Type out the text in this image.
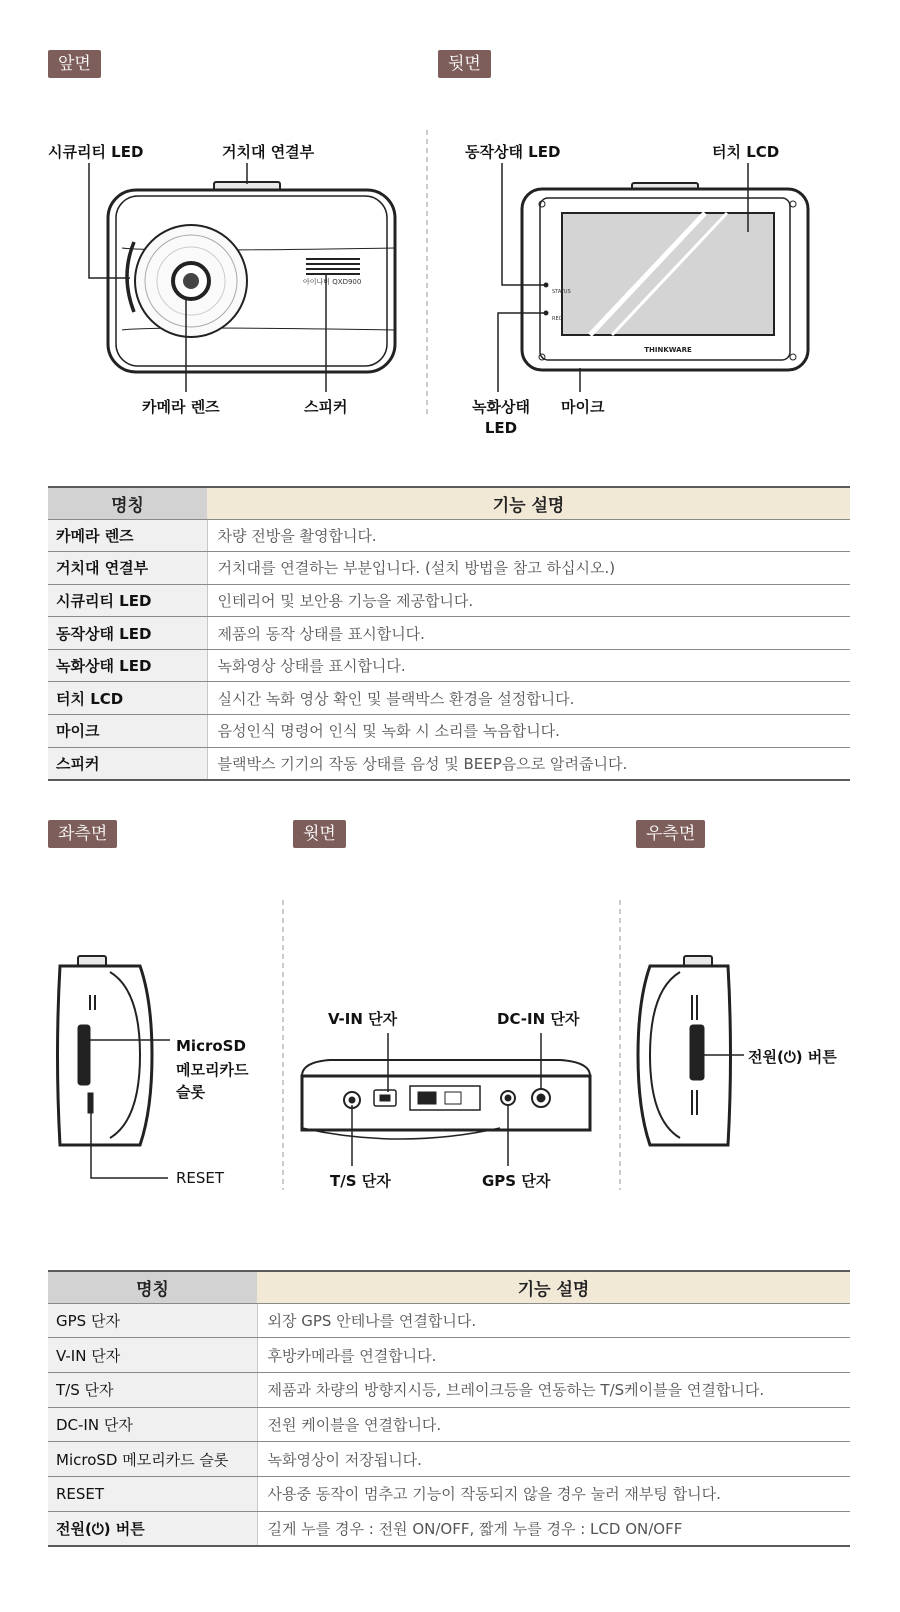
앞면	뒷면
좌측면	윗면	우측면
아이나비 QXD900
STATUS
REC
THINKWARE
시큐리티 LED	거치대 연결부
카메라 렌즈	스피커
동작상태 LED	터치 LCD
녹화상태
LED
마이크
MicroSD
메모리카드
슬롯
RESET
V-IN 단자	DC-IN 단자
T/S 단자	GPS 단자
전원(⏻) 버튼
명칭	기능 설명
카메라 렌즈	차량 전방을 촬영합니다.
거치대 연결부	거치대를 연결하는 부분입니다. (설치 방법을 참고 하십시오.)
시큐리티 LED	인테리어 및 보안용 기능을 제공합니다.
동작상태 LED	제품의 동작 상태를 표시합니다.
녹화상태 LED	녹화영상 상태를 표시합니다.
터치 LCD	실시간 녹화 영상 확인 및 블랙박스 환경을 설정합니다.
마이크	음성인식 명령어 인식 및 녹화 시 소리를 녹음합니다.
스피커	블랙박스 기기의 작동 상태를 음성 및 BEEP음으로 알려줍니다.
명칭	기능 설명
GPS 단자	외장 GPS 안테나를 연결합니다.
V-IN 단자	후방카메라를 연결합니다.
T/S 단자	제품과 차량의 방향지시등, 브레이크등을 연동하는 T/S케이블을 연결합니다.
DC-IN 단자	전원 케이블을 연결합니다.
MicroSD 메모리카드 슬롯	녹화영상이 저장됩니다.
RESET	사용중 동작이 멈추고 기능이 작동되지 않을 경우 눌러 재부팅 합니다.
전원(⏻) 버튼	길게 누를 경우 : 전원 ON/OFF, 짧게 누를 경우 : LCD ON/OFF
